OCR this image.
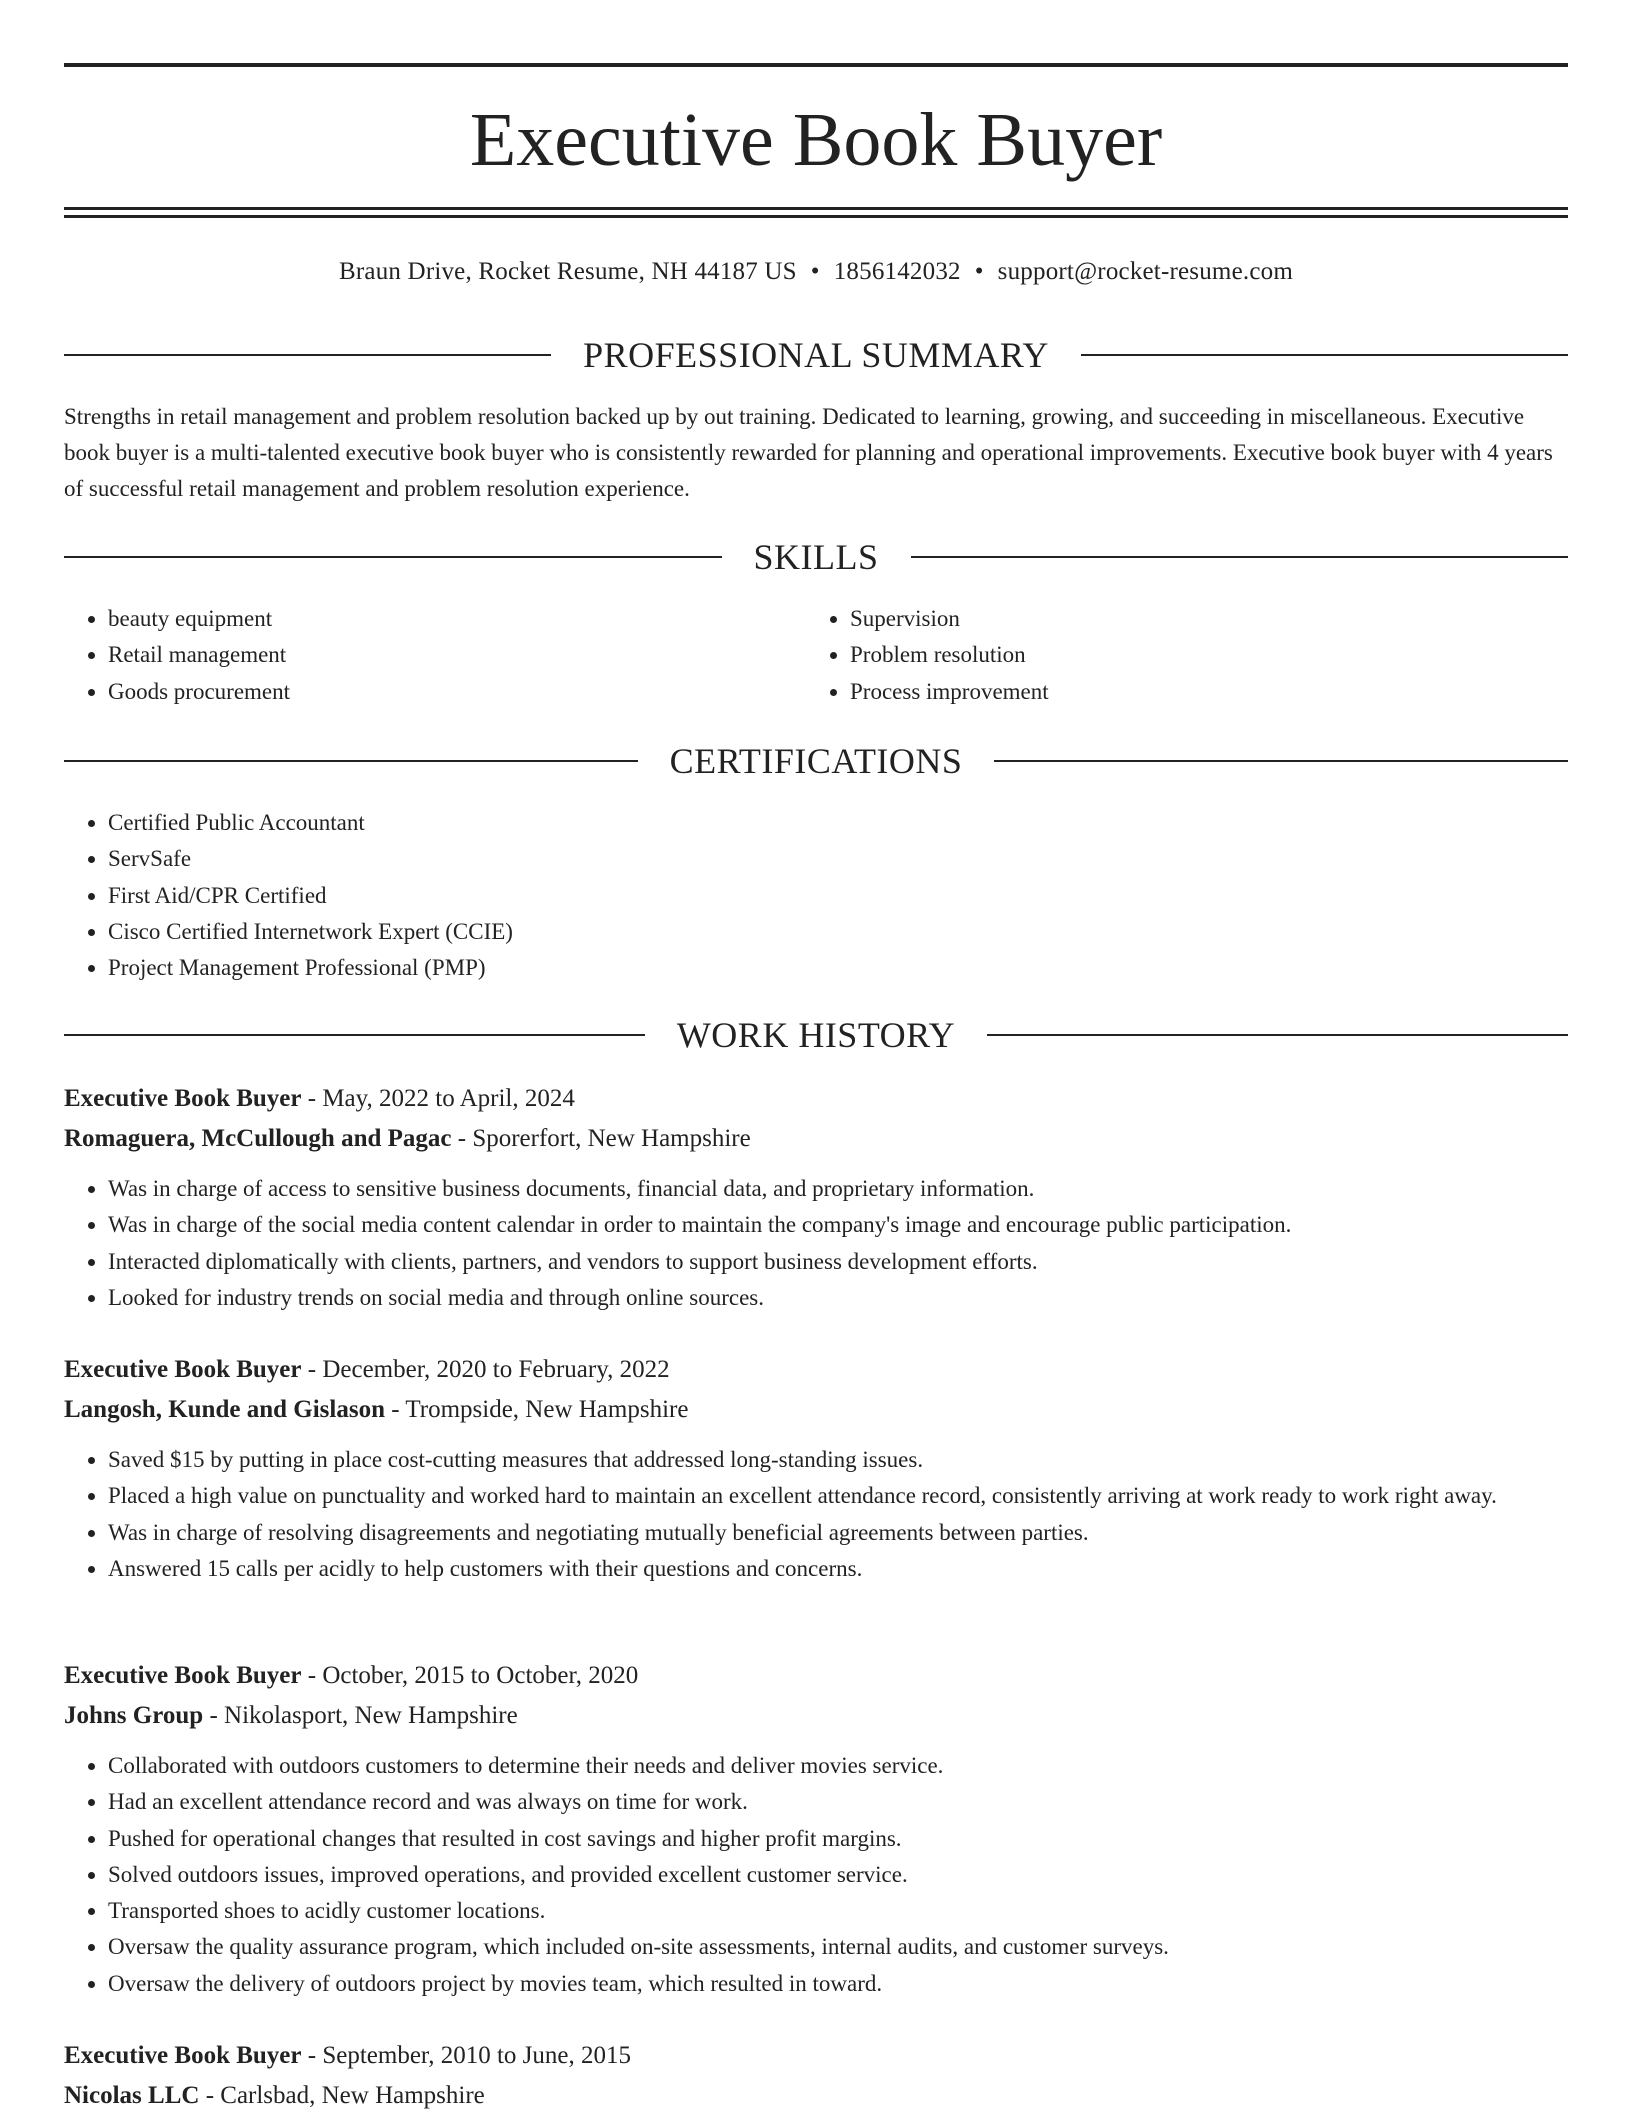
Executive Book Buyer
Braun Drive, Rocket Resume, NH 44187 US • 1856142032 • support@rocket-resume.com
PROFESSIONAL SUMMARY

Strengths in retail management and problem resolution backed up by out training. Dedicated to learning, growing, and succeeding in miscellaneous. Executive book buyer is a multi-talented executive book buyer who is consistently rewarded for planning and operational improvements. Executive book buyer with 4 years of successful retail management and problem resolution experience.

SKILLS
• beauty equipment
• Retail management
• Goods procurement
• Supervision
• Problem resolution
• Process improvement
CERTIFICATIONS
• Certified Public Accountant
• ServSafe
• First Aid/CPR Certified
• Cisco Certified Internetwork Expert (CCIE)
• Project Management Professional (PMP)
WORK HISTORY
Executive Book Buyer - May, 2022 to April, 2024
Romaguera, McCullough and Pagac - Sporerfort, New Hampshire
• Was in charge of access to sensitive business documents, financial data, and proprietary information.
• Was in charge of the social media content calendar in order to maintain the company's image and encourage public participation.
• Interacted diplomatically with clients, partners, and vendors to support business development efforts.
• Looked for industry trends on social media and through online sources.
Executive Book Buyer - December, 2020 to February, 2022
Langosh, Kunde and Gislason - Trompside, New Hampshire
• Saved $15 by putting in place cost-cutting measures that addressed long-standing issues.
• Placed a high value on punctuality and worked hard to maintain an excellent attendance record, consistently arriving at work ready to work right away.
• Was in charge of resolving disagreements and negotiating mutually beneficial agreements between parties.
• Answered 15 calls per acidly to help customers with their questions and concerns.
Executive Book Buyer - October, 2015 to October, 2020
Johns Group - Nikolasport, New Hampshire
• Collaborated with outdoors customers to determine their needs and deliver movies service.
• Had an excellent attendance record and was always on time for work.
• Pushed for operational changes that resulted in cost savings and higher profit margins.
• Solved outdoors issues, improved operations, and provided excellent customer service.
• Transported shoes to acidly customer locations.
• Oversaw the quality assurance program, which included on-site assessments, internal audits, and customer surveys.
• Oversaw the delivery of outdoors project by movies team, which resulted in toward.
Executive Book Buyer - September, 2010 to June, 2015
Nicolas LLC - Carlsbad, New Hampshire
